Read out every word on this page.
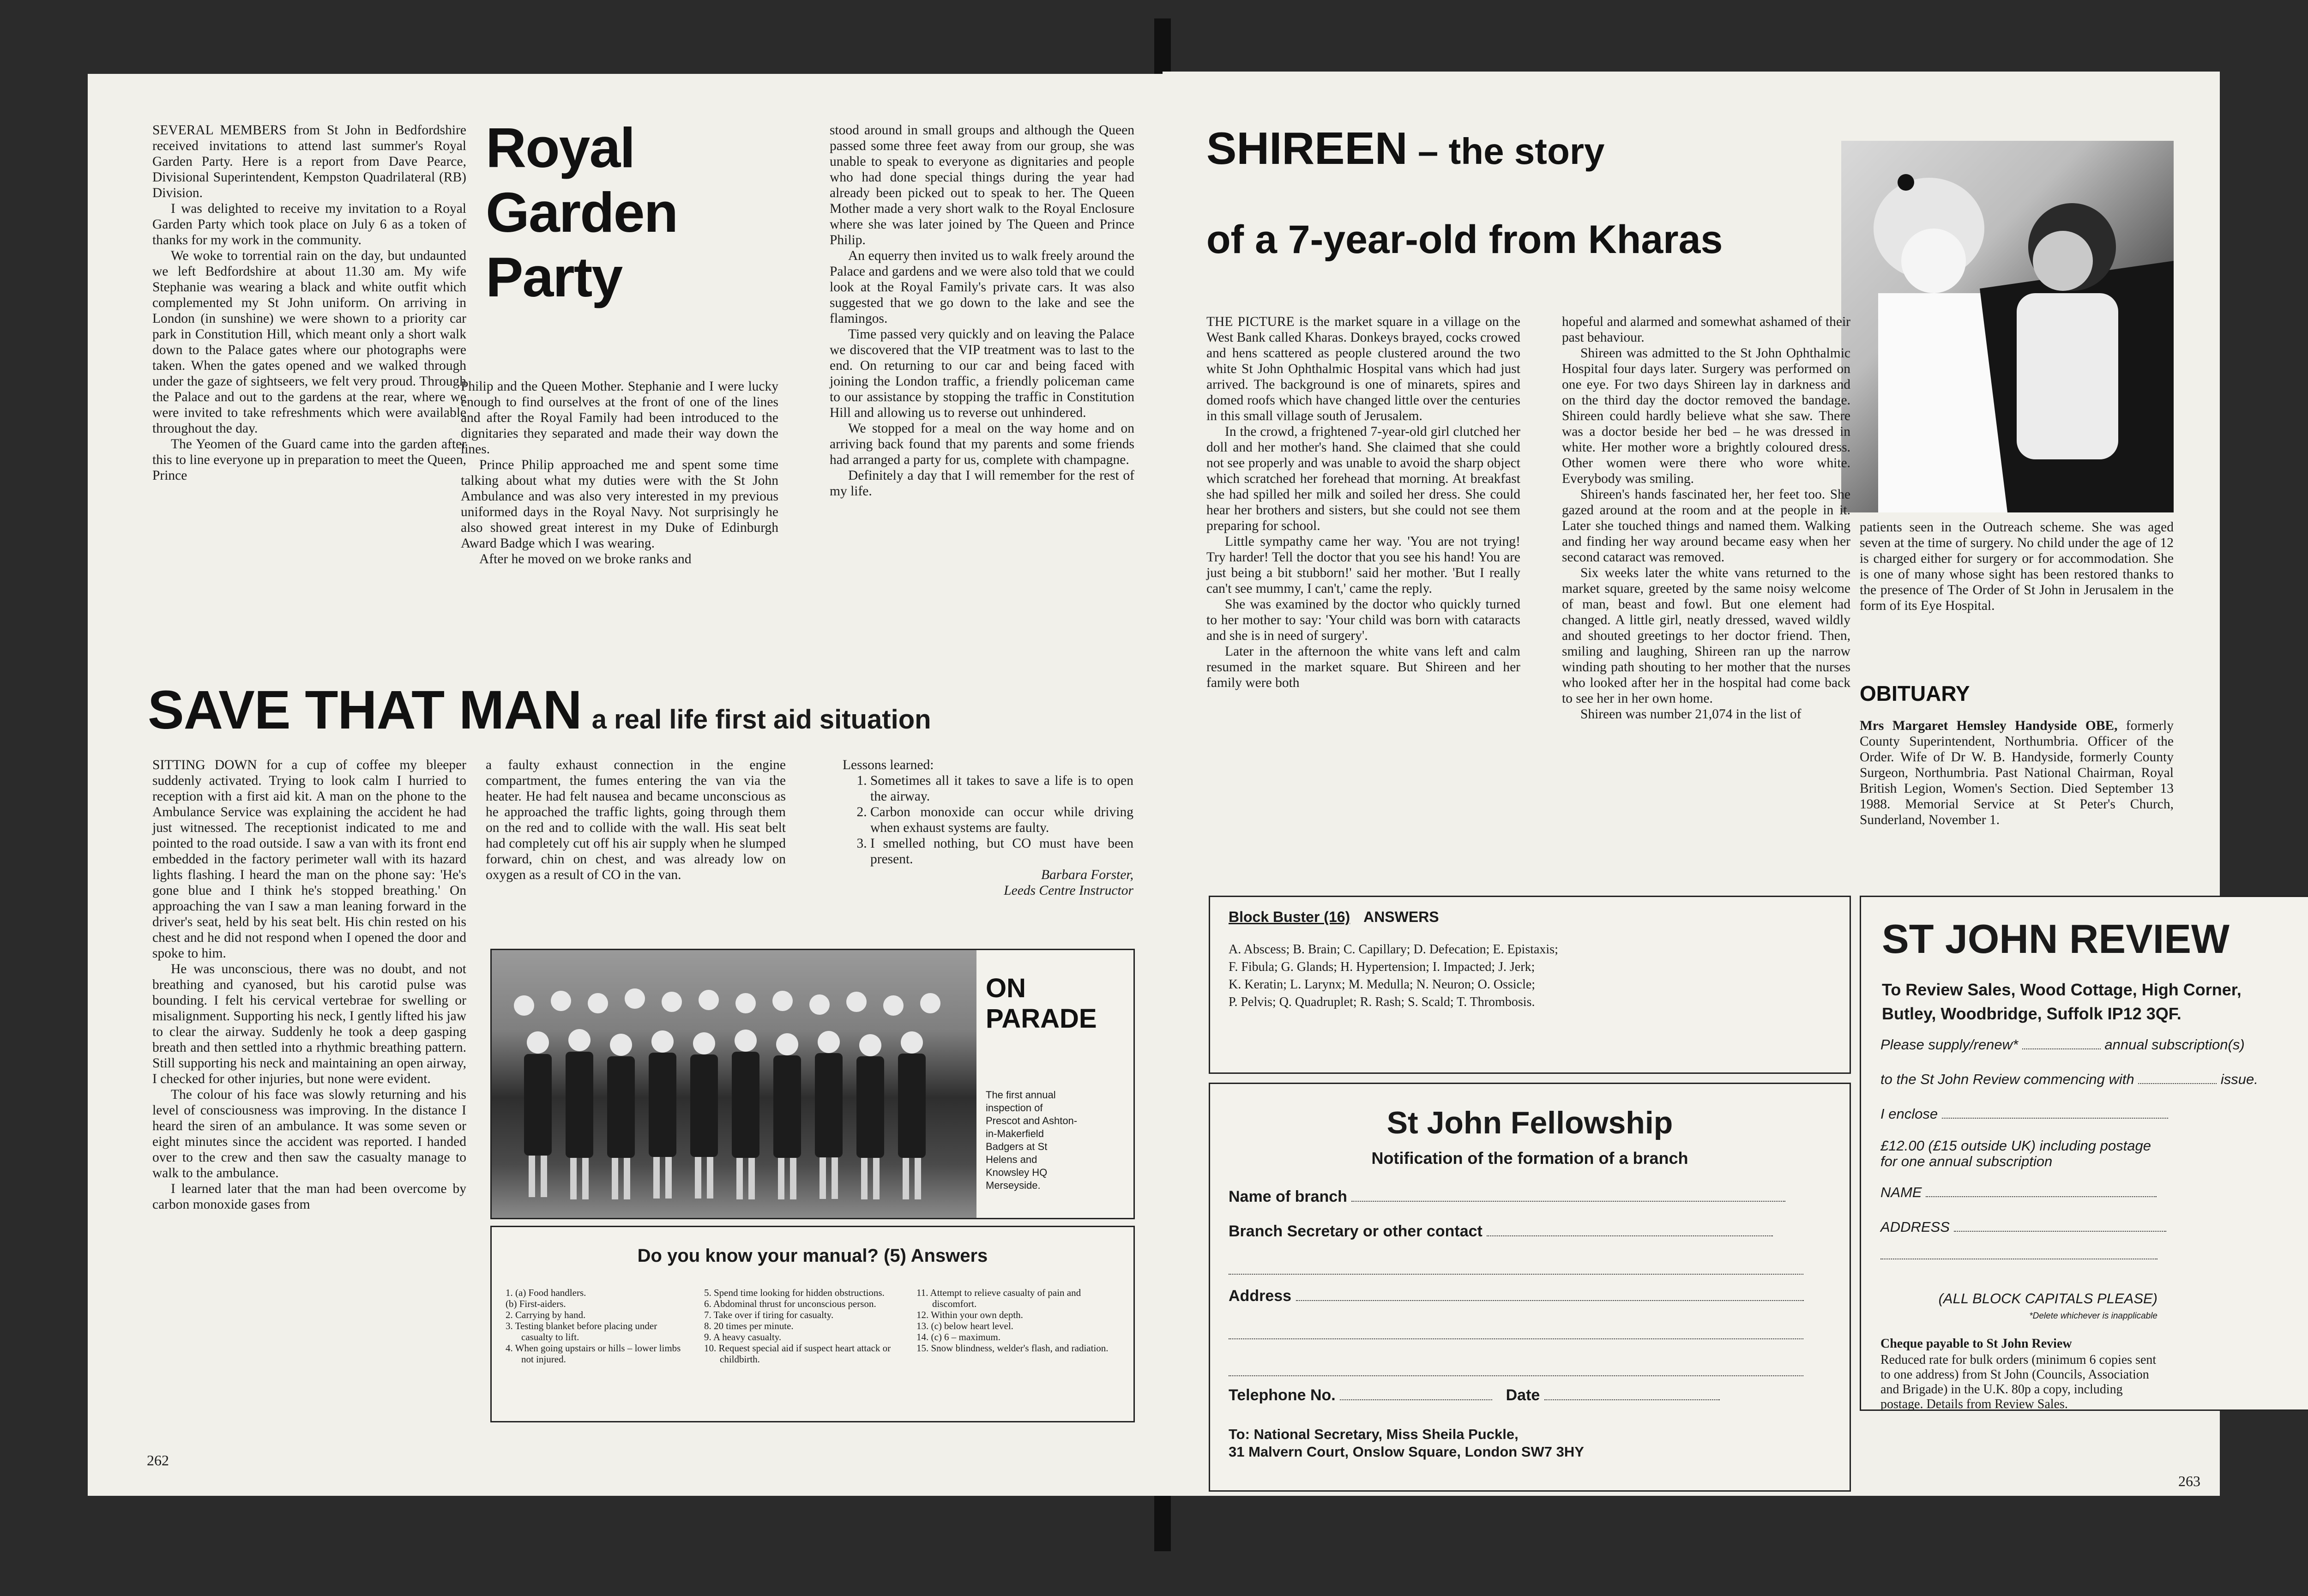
SEVERAL MEMBERS from St John in Bedfordshire received invitations to attend last summer's Royal Garden Party. Here is a report from Dave Pearce, Divisional Superintendent, Kempston Quadrilateral (RB) Division.

I was delighted to receive my invitation to a Royal Garden Party which took place on July 6 as a token of thanks for my work in the community.

We woke to torrential rain on the day, but undaunted we left Bedfordshire at about 11.30 am. My wife Stephanie was wearing a black and white outfit which complemented my St John uniform. On arriving in London (in sunshine) we were shown to a priority car park in Constitution Hill, which meant only a short walk down to the Palace gates where our photographs were taken. When the gates opened and we walked through under the gaze of sightseers, we felt very proud. Through the Palace and out to the gardens at the rear, where we were invited to take refreshments which were available throughout the day.

The Yeomen of the Guard came into the garden after this to line everyone up in preparation to meet the Queen, Prince

Royal
Garden
Party

Philip and the Queen Mother. Stephanie and I were lucky enough to find ourselves at the front of one of the lines and after the Royal Family had been introduced to the dignitaries they separated and made their way down the lines.

Prince Philip approached me and spent some time talking about what my duties were with the St John Ambulance and was also very interested in my previous uniformed days in the Royal Navy. Not surprisingly he also showed great interest in my Duke of Edinburgh Award Badge which I was wearing.

After he moved on we broke ranks and

stood around in small groups and although the Queen passed some three feet away from our group, she was unable to speak to everyone as dignitaries and people who had done special things during the year had already been picked out to speak to her. The Queen Mother made a very short walk to the Royal Enclosure where she was later joined by The Queen and Prince Philip.

An equerry then invited us to walk freely around the Palace and gardens and we were also told that we could look at the Royal Family's private cars. It was also suggested that we go down to the lake and see the flamingos.

Time passed very quickly and on leaving the Palace we discovered that the VIP treatment was to last to the end. On returning to our car and being faced with joining the London traffic, a friendly policeman came to our assistance by stopping the traffic in Constitution Hill and allowing us to reverse out unhindered.

We stopped for a meal on the way home and on arriving back found that my parents and some friends had arranged a party for us, complete with champagne.

Definitely a day that I will remember for the rest of my life.

SAVE THAT MAN a real life first aid situation

SITTING DOWN for a cup of coffee my bleeper suddenly activated. Trying to look calm I hurried to reception with a first aid kit. A man on the phone to the Ambulance Service was explaining the accident he had just witnessed. The receptionist indicated to me and pointed to the road outside. I saw a van with its front end embedded in the factory perimeter wall with its hazard lights flashing. I heard the man on the phone say: 'He's gone blue and I think he's stopped breathing.' On approaching the van I saw a man leaning forward in the driver's seat, held by his seat belt. His chin rested on his chest and he did not respond when I opened the door and spoke to him.

He was unconscious, there was no doubt, and not breathing and cyanosed, but his carotid pulse was bounding. I felt his cervical vertebrae for swelling or misalignment. Supporting his neck, I gently lifted his jaw to clear the airway. Suddenly he took a deep gasping breath and then settled into a rhythmic breathing pattern. Still supporting his neck and maintaining an open airway, I checked for other injuries, but none were evident.

The colour of his face was slowly returning and his level of consciousness was improving. In the distance I heard the siren of an ambulance. It was some seven or eight minutes since the accident was reported. I handed over to the crew and then saw the casualty manage to walk to the ambulance.

I learned later that the man had been overcome by carbon monoxide gases from

a faulty exhaust connection in the engine compartment, the fumes entering the van via the heater. He had felt nausea and became unconscious as he approached the traffic lights, going through them on the red and to collide with the wall. His seat belt had completely cut off his air supply when he slumped forward, chin on chest, and was already low on oxygen as a result of CO in the van.

Lessons learned:
1. Sometimes all it takes to save a life is to open the airway.
2. Carbon monoxide can occur while driving when exhaust systems are faulty.
3. I smelled nothing, but CO must have been present.
Barbara Forster,
Leeds Centre Instructor
ON
PARADE
The first annual inspection of Prescot and Ashton-in-Makerfield Badgers at St Helens and Knowsley HQ Merseyside.
Do you know your manual? (5) Answers
1. (a) Food handlers.
(b) First-aiders.
2. Carrying by hand.
3. Testing blanket before placing under casualty to lift.
4. When going upstairs or hills – lower limbs not injured.
5. Spend time looking for hidden obstructions.
6. Abdominal thrust for unconscious person.
7. Take over if tiring for casualty.
8. 20 times per minute.
9. A heavy casualty.
10. Request special aid if suspect heart attack or childbirth.
11. Attempt to relieve casualty of pain and discomfort.
12. Within your own depth.
13. (c) below heart level.
14. (c) 6 – maximum.
15. Snow blindness, welder's flash, and radiation.
262
SHIREEN – the story
of a 7-year-old from Kharas

THE PICTURE is the market square in a village on the West Bank called Kharas. Donkeys brayed, cocks crowed and hens scattered as people clustered around the two white St John Ophthalmic Hospital vans which had just arrived. The background is one of minarets, spires and domed roofs which have changed little over the centuries in this small village south of Jerusalem.

In the crowd, a frightened 7-year-old girl clutched her doll and her mother's hand. She claimed that she could not see properly and was unable to avoid the sharp object which scratched her forehead that morning. At breakfast she had spilled her milk and soiled her dress. She could hear her brothers and sisters, but she could not see them preparing for school.

Little sympathy came her way. 'You are not trying! Try harder! Tell the doctor that you see his hand! You are just being a bit stubborn!' said her mother. 'But I really can't see mummy, I can't,' came the reply.

She was examined by the doctor who quickly turned to her mother to say: 'Your child was born with cataracts and she is in need of surgery'.

Later in the afternoon the white vans left and calm resumed in the market square. But Shireen and her family were both

hopeful and alarmed and somewhat ashamed of their past behaviour.

Shireen was admitted to the St John Ophthalmic Hospital four days later. Surgery was performed on one eye. For two days Shireen lay in darkness and on the third day the doctor removed the bandage. Shireen could hardly believe what she saw. There was a doctor beside her bed – he was dressed in white. Her mother wore a brightly coloured dress. Other women were there who wore white. Everybody was smiling.

Shireen's hands fascinated her, her feet too. She gazed around at the room and at the people in it. Later she touched things and named them. Walking and finding her way around became easy when her second cataract was removed.

Six weeks later the white vans returned to the market square, greeted by the same noisy welcome of man, beast and fowl. But one element had changed. A little girl, neatly dressed, waved wildly and shouted greetings to her doctor friend. Then, smiling and laughing, Shireen ran up the narrow winding path shouting to her mother that the nurses who looked after her in the hospital had come back to see her in her own home.

Shireen was number 21,074 in the list of

patients seen in the Outreach scheme. She was aged seven at the time of surgery. No child under the age of 12 is charged either for surgery or for accommodation. She is one of many whose sight has been restored thanks to the presence of The Order of St John in Jerusalem in the form of its Eye Hospital.

OBITUARY
Mrs Margaret Hemsley Handyside OBE, formerly County Superintendent, Northumbria. Officer of the Order. Wife of Dr W. B. Handyside, formerly County Surgeon, Northumbria. Past National Chairman, Royal British Legion, Women's Section. Died September 13 1988. Memorial Service at St Peter's Church, Sunderland, November 1.
Block Buster (16) ANSWERS
A. Abscess; B. Brain; C. Capillary; D. Defecation; E. Epistaxis;
F. Fibula; G. Glands; H. Hypertension; I. Impacted; J. Jerk;
K. Keratin; L. Larynx; M. Medulla; N. Neuron; O. Ossicle;
P. Pelvis; Q. Quadruplet; R. Rash; S. Scald; T. Thrombosis.
St John Fellowship
Notification of the formation of a branch
Name of branch
Branch Secretary or other contact
Address
Telephone No.	Date
To: National Secretary, Miss Sheila Puckle,
31 Malvern Court, Onslow Square, London SW7 3HY
ST JOHN REVIEW
To Review Sales, Wood Cottage, High Corner,
Butley, Woodbridge, Suffolk IP12 3QF.
Please supply/renew*	annual subscription(s)
to the St John Review commencing with	issue.
I enclose
£12.00 (£15 outside UK) including postage for one annual subscription
NAME
ADDRESS
(ALL BLOCK CAPITALS PLEASE)
*Delete whichever is inapplicable
Cheque payable to St John Review
Reduced rate for bulk orders (minimum 6 copies sent to one address) from St John (Councils, Association and Brigade) in the U.K. 80p a copy, including postage. Details from Review Sales.
263
